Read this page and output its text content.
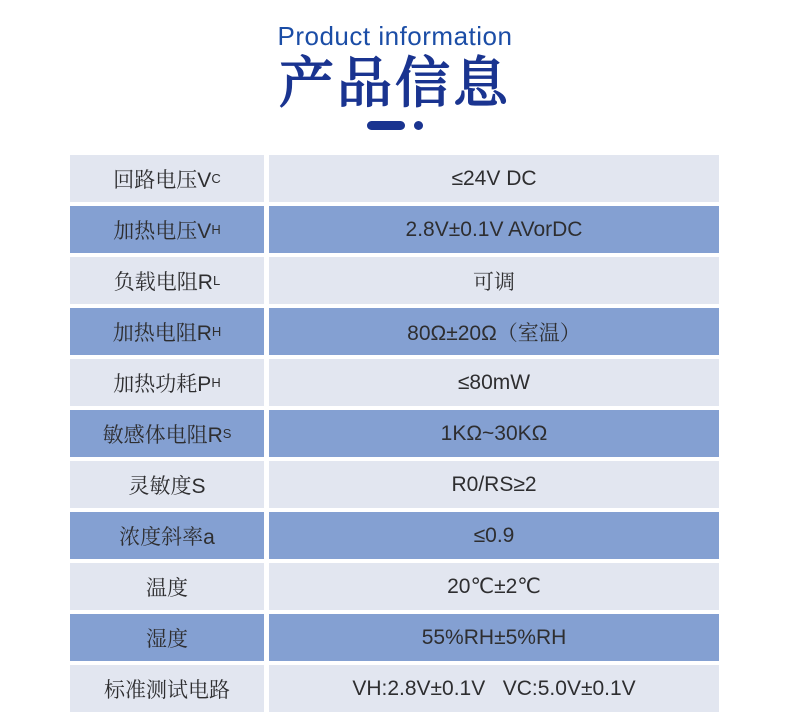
Product information
产品信息
回路电压V C	≤24V DC
加热电压V H	2.8V±0.1V AVorDC
负载电阻R L	可调
加热电阻R H	80Ω±20Ω（室温）
加热功耗P H	≤80mW
敏感体电阻R S	1KΩ~30KΩ
灵敏度S	R0/RS≥2
浓度斜率a	≤0.9
温度	20℃±2℃
湿度	55%RH±5%RH
标准测试电路	VH:2.8V±0.1V   VC:5.0V±0.1V
